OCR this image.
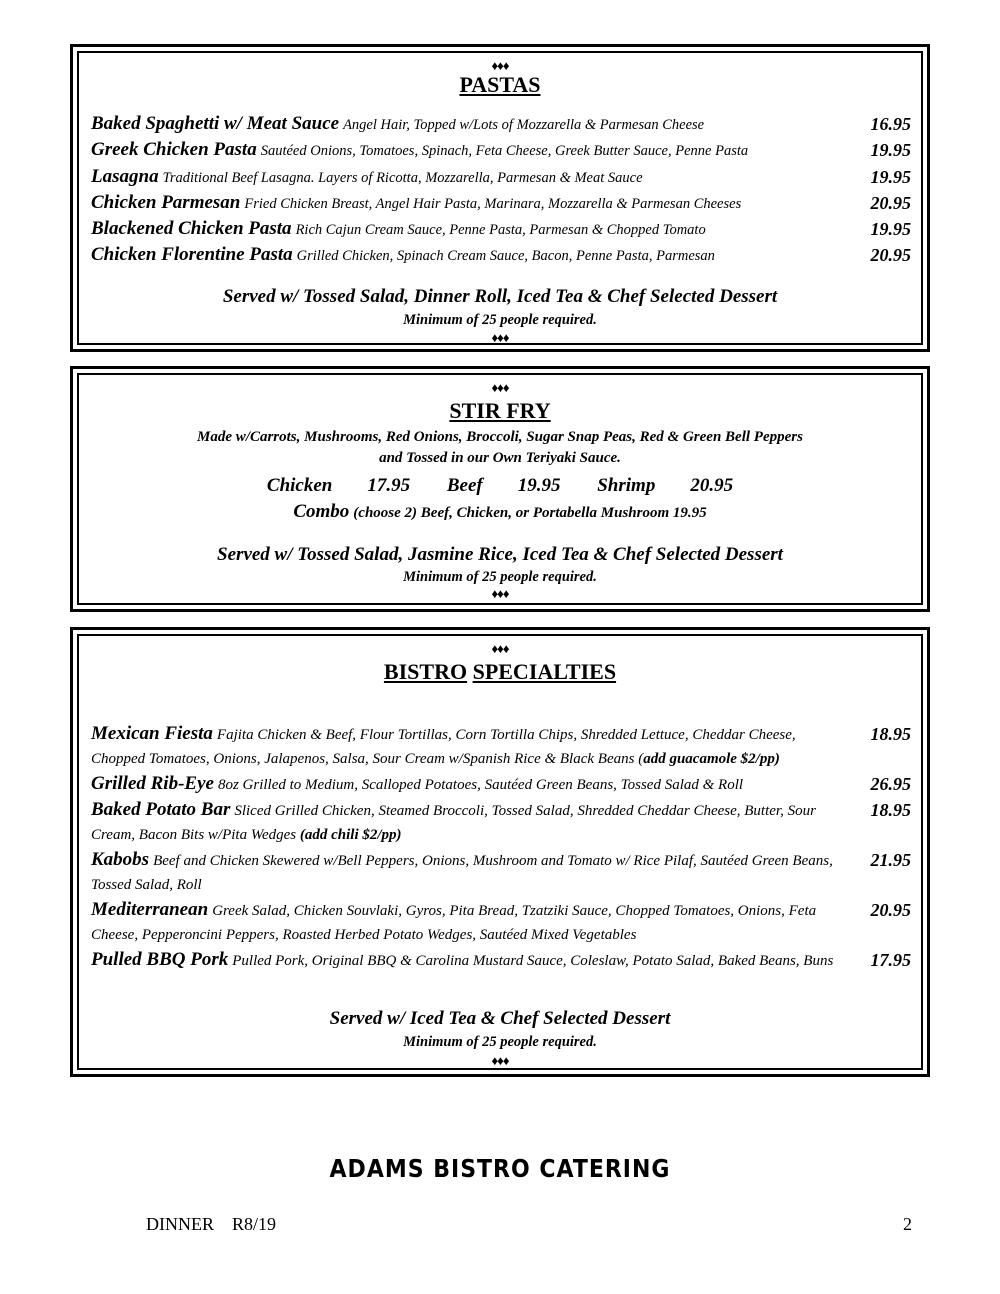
♦♦♦
PASTAS
Baked Spaghetti w/ Meat Sauce Angel Hair, Topped w/Lots of Mozzarella & Parmesan Cheese	16.95
Greek Chicken Pasta Sautéed Onions, Tomatoes, Spinach, Feta Cheese, Greek Butter Sauce, Penne Pasta	19.95
Lasagna Traditional Beef Lasagna. Layers of Ricotta, Mozzarella, Parmesan & Meat Sauce	19.95
Chicken Parmesan Fried Chicken Breast, Angel Hair Pasta, Marinara, Mozzarella & Parmesan Cheeses	20.95
Blackened Chicken Pasta Rich Cajun Cream Sauce, Penne Pasta, Parmesan & Chopped Tomato	19.95
Chicken Florentine Pasta Grilled Chicken, Spinach Cream Sauce, Bacon, Penne Pasta, Parmesan	20.95
Served w/ Tossed Salad, Dinner Roll, Iced Tea & Chef Selected Dessert
Minimum of 25 people required.
♦♦♦
♦♦♦
STIR FRY
Made w/Carrots, Mushrooms, Red Onions, Broccoli, Sugar Snap Peas, Red & Green Bell Peppers
and Tossed in our Own Teriyaki Sauce.
Chicken 17.95 Beef 19.95 Shrimp 20.95
Combo (choose 2) Beef, Chicken, or Portabella Mushroom 19.95
Served w/ Tossed Salad, Jasmine Rice, Iced Tea & Chef Selected Dessert
Minimum of 25 people required.
♦♦♦
♦♦♦
BISTRO SPECIALTIES
Mexican Fiesta Fajita Chicken & Beef, Flour Tortillas, Corn Tortilla Chips, Shredded Lettuce, Cheddar Cheese, Chopped Tomatoes, Onions, Jalapenos, Salsa, Sour Cream w/Spanish Rice & Black Beans (add guacamole $2/pp)
18.95
Grilled Rib-Eye 8oz Grilled to Medium, Scalloped Potatoes, Sautéed Green Beans, Tossed Salad & Roll	26.95
Baked Potato Bar Sliced Grilled Chicken, Steamed Broccoli, Tossed Salad, Shredded Cheddar Cheese, Butter, Sour Cream, Bacon Bits w/Pita Wedges (add chili $2/pp)
18.95
Kabobs Beef and Chicken Skewered w/Bell Peppers, Onions, Mushroom and Tomato w/ Rice Pilaf, Sautéed Green Beans, Tossed Salad, Roll
21.95
Mediterranean Greek Salad, Chicken Souvlaki, Gyros, Pita Bread, Tzatziki Sauce, Chopped Tomatoes, Onions, Feta Cheese, Pepperoncini Peppers, Roasted Herbed Potato Wedges, Sautéed Mixed Vegetables
20.95
Pulled BBQ Pork Pulled Pork, Original BBQ & Carolina Mustard Sauce, Coleslaw, Potato Salad, Baked Beans, Buns	17.95
Served w/ Iced Tea & Chef Selected Dessert
Minimum of 25 people required.
♦♦♦
ADAMS BISTRO CATERING
DINNER    R8/19	2
